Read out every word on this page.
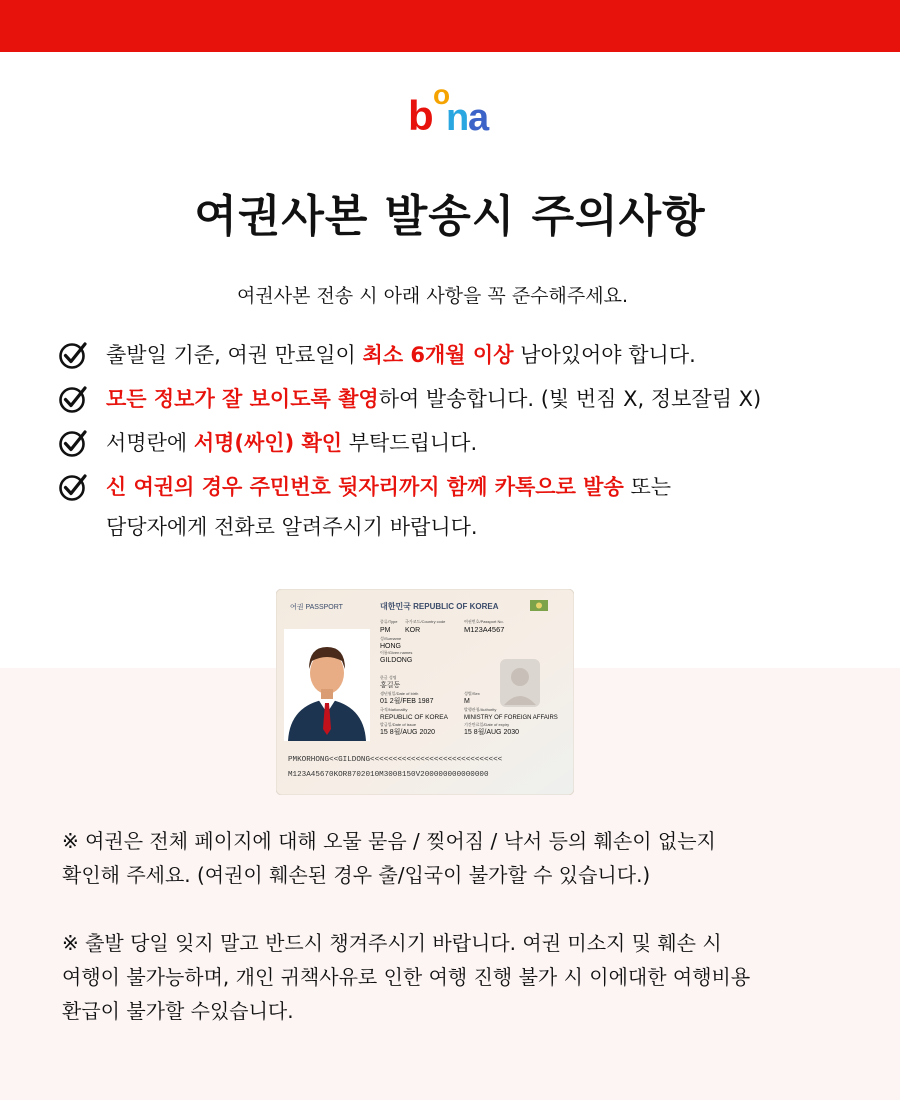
b o
n
a
여권사본 발송시 주의사항
여권사본 전송 시 아래 사항을 꼭 준수해주세요.
출발일 기준, 여권 만료일이 최소 6개월 이상 남아있어야 합니다.
모든 정보가 잘 보이도록 촬영하여 발송합니다. (빛 번짐 X, 정보잘림 X)
서명란에 서명(싸인) 확인 부탁드립니다.
신 여권의 경우 주민번호 뒷자리까지 함께 카톡으로 발송 또는
담당자에게 전화로 알려주시기 바랍니다.
여권 PASSPORT	대한민국 REPUBLIC OF KOREA
종류/Type 국가코드/Country code	여권번호/Passport No.
PM KOR	M123A4567
성/Surname
HONG
이름/Given names
GILDONG
한글 성명
홍길동
생년월일/Date of birth
01 2월/FEB 1987
성별/Sex
M
국적/Nationality
REPUBLIC OF KOREA
발행관청/Authority
MINISTRY OF FOREIGN AFFAIRS
발급일/Date of issue
15 8월/AUG 2020
기간만료일/Date of expiry
15 8월/AUG 2030
PMKORHONG<<GILDONG<<<<<<<<<<<<<<<<<<<<<<<<<<<<<
M123A45670KOR8702010M3008150V200000000000000

※ 여권은 전체 페이지에 대해 오물 묻음 / 찢어짐 / 낙서 등의 훼손이 없는지

확인해 주세요. (여권이 훼손된 경우 출/입국이 불가할 수 있습니다.)

※ 출발 당일 잊지 말고 반드시 챙겨주시기 바랍니다. 여권 미소지 및 훼손 시

여행이 불가능하며, 개인 귀책사유로 인한 여행 진행 불가 시 이에대한 여행비용

환급이 불가할 수있습니다.
